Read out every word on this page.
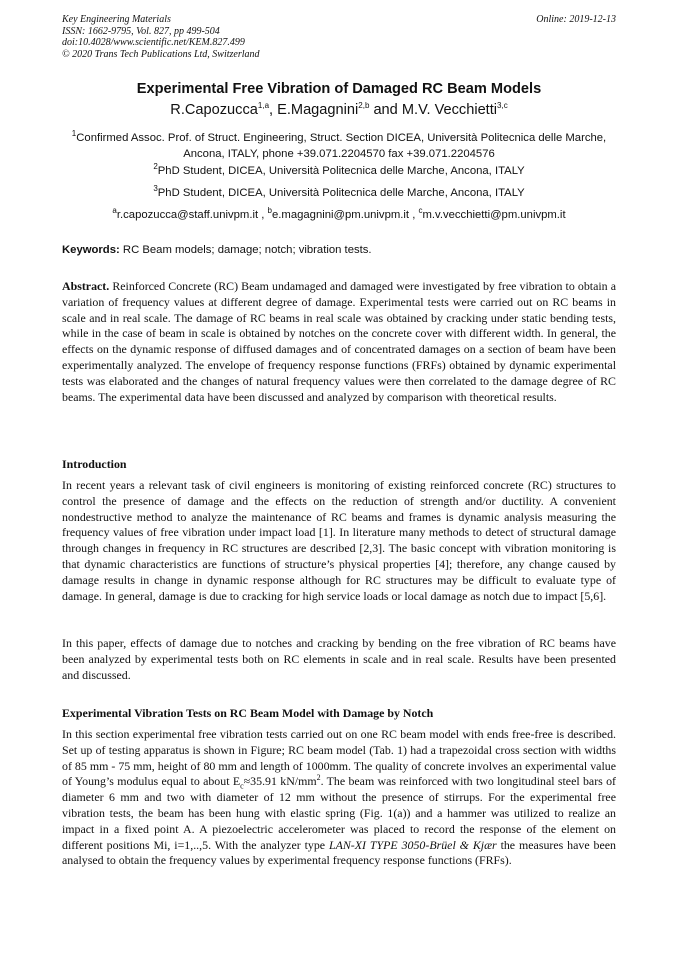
Key Engineering Materials
ISSN: 1662-9795, Vol. 827, pp 499-504
doi:10.4028/www.scientific.net/KEM.827.499
© 2020 Trans Tech Publications Ltd, Switzerland
Online: 2019-12-13
Experimental Free Vibration of Damaged RC Beam Models
R.Capozucca$^{1,a}$, E.Magagnini$^{2,b}$ and M.V. Vecchietti$^{3,c}$
$^1$Confirmed Assoc. Prof. of Struct. Engineering, Struct. Section DICEA, Università Politecnica delle Marche, Ancona, ITALY, phone +39.071.2204570 fax +39.071.2204576
$^2$PhD Student, DICEA, Università Politecnica delle Marche, Ancona, ITALY
$^3$PhD Student, DICEA, Università Politecnica delle Marche, Ancona, ITALY
$^a$r.capozucca@staff.univpm.it , $^b$e.magagnini@pm.univpm.it , $^c$m.v.vecchietti@pm.univpm.it
Keywords: RC Beam models; damage; notch; vibration tests.
Abstract. Reinforced Concrete (RC) Beam undamaged and damaged were investigated by free vibration to obtain a variation of frequency values at different degree of damage. Experimental tests were carried out on RC beams in scale and in real scale. The damage of RC beams in real scale was obtained by cracking under static bending tests, while in the case of beam in scale is obtained by notches on the concrete cover with different width. In general, the effects on the dynamic response of diffused damages and of concentrated damages on a section of beam have been experimentally analyzed. The envelope of frequency response functions (FRFs) obtained by dynamic experimental tests was elaborated and the changes of natural frequency values were then correlated to the damage degree of RC beams. The experimental data have been discussed and analyzed by comparison with theoretical results.
Introduction
In recent years a relevant task of civil engineers is monitoring of existing reinforced concrete (RC) structures to control the presence of damage and the effects on the reduction of strength and/or ductility. A convenient nondestructive method to analyze the maintenance of RC beams and frames is dynamic analysis measuring the frequency values of free vibration under impact load [1]. In literature many methods to detect of structural damage through changes in frequency in RC structures are described [2,3]. The basic concept with vibration monitoring is that dynamic characteristics are functions of structure’s physical properties [4]; therefore, any change caused by damage results in change in dynamic response although for RC structures may be difficult to evaluate type of damage. In general, damage is due to cracking for high service loads or local damage as notch due to impact [5,6].
In this paper, effects of damage due to notches and cracking by bending on the free vibration of RC beams have been analyzed by experimental tests both on RC elements in scale and in real scale. Results have been presented and discussed.
Experimental Vibration Tests on RC Beam Model with Damage by Notch
In this section experimental free vibration tests carried out on one RC beam model with ends free-free is described. Set up of testing apparatus is shown in Figure; RC beam model (Tab. 1) had a trapezoidal cross section with widths of 85 mm - 75 mm, height of 80 mm and length of 1000mm. The quality of concrete involves an experimental value of Young’s modulus equal to about $E_c\approx 35.91$ $kN/mm^2$. The beam was reinforced with two longitudinal steel bars of diameter 6 mm and two with diameter of 12 mm without the presence of stirrups. For the experimental free vibration tests, the beam has been hung with elastic spring (Fig. 1(a)) and a hammer was utilized to realize an impact in a fixed point A. A piezoelectric accelerometer was placed to record the response of the element on different positions Mi, i=1,..,5. With the analyzer type LAN-XI TYPE 3050-Brüel & Kjær the measures have been analysed to obtain the frequency values by experimental frequency response functions (FRFs).
